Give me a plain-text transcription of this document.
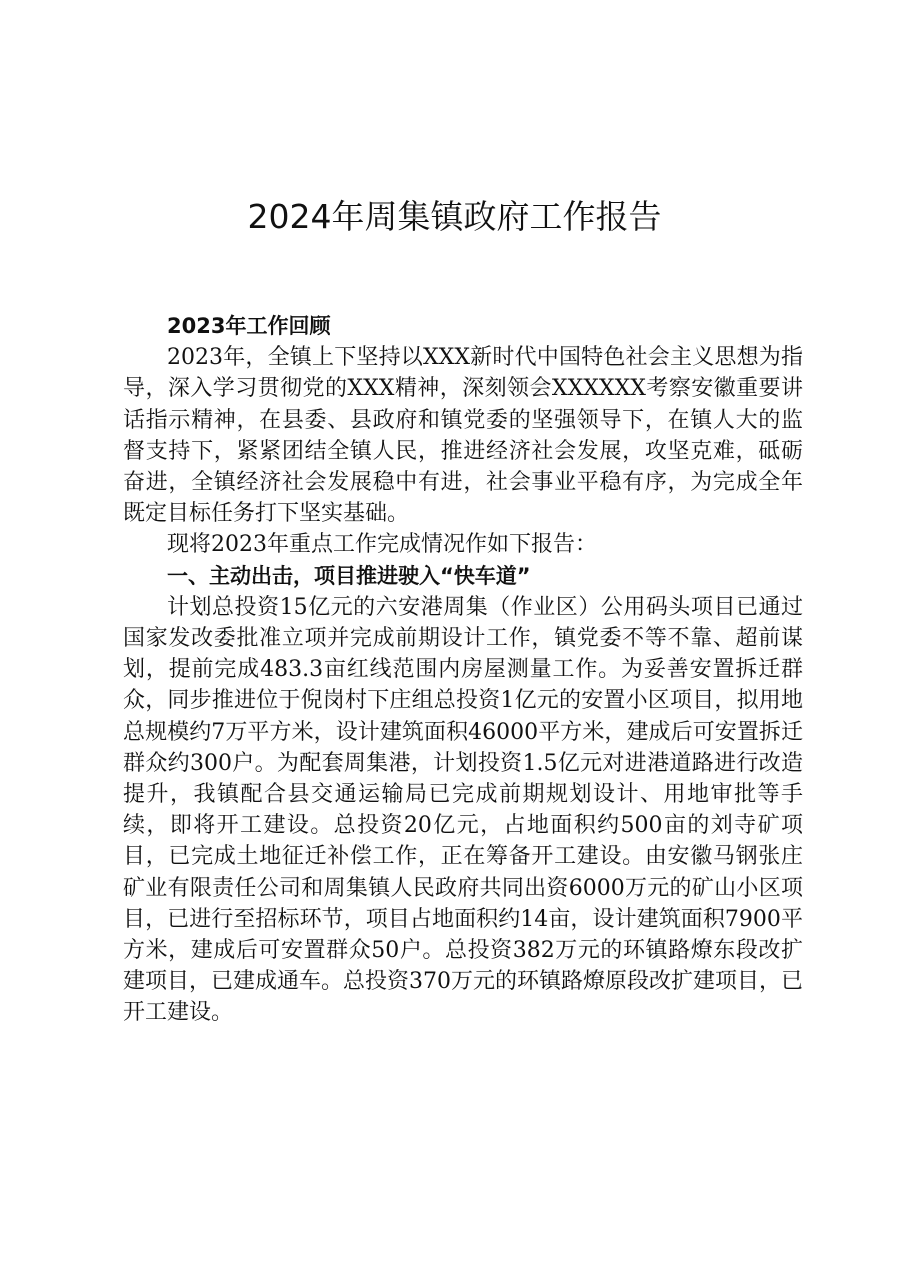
2024年周集镇政府工作报告

2023年工作回顾

2023年，全镇上下坚持以XXX新时代中国特色社会主义思想为指导，深入学习贯彻党的XXX精神，深刻领会XXXXXX考察安徽重要讲话指示精神，在县委、县政府和镇党委的坚强领导下，在镇人大的监督支持下，紧紧团结全镇人民，推进经济社会发展，攻坚克难，砥砺奋进，全镇经济社会发展稳中有进，社会事业平稳有序，为完成全年既定目标任务打下坚实基础。

现将2023年重点工作完成情况作如下报告：

一、主动出击，项目推进驶入“快车道”

计划总投资15亿元的六安港周集（作业区）公用码头项目已通过国家发改委批准立项并完成前期设计工作，镇党委不等不靠、超前谋划，提前完成483.3亩红线范围内房屋测量工作。为妥善安置拆迁群众，同步推进位于倪岗村下庄组总投资1亿元的安置小区项目，拟用地总规模约7万平方米，设计建筑面积46000平方米，建成后可安置拆迁群众约300户。为配套周集港，计划投资1.5亿元对进港道路进行改造提升，我镇配合县交通运输局已完成前期规划设计、用地审批等手续，即将开工建设。总投资20亿元，占地面积约500亩的刘寺矿项目，已完成土地征迁补偿工作，正在筹备开工建设。由安徽马钢张庄矿业有限责任公司和周集镇人民政府共同出资6000万元的矿山小区项目，已进行至招标环节，项目占地面积约14亩，设计建筑面积7900平方米，建成后可安置群众50户。总投资382万元的环镇路燎东段改扩建项目，已建成通车。总投资370万元的环镇路燎原段改扩建项目，已开工建设。
